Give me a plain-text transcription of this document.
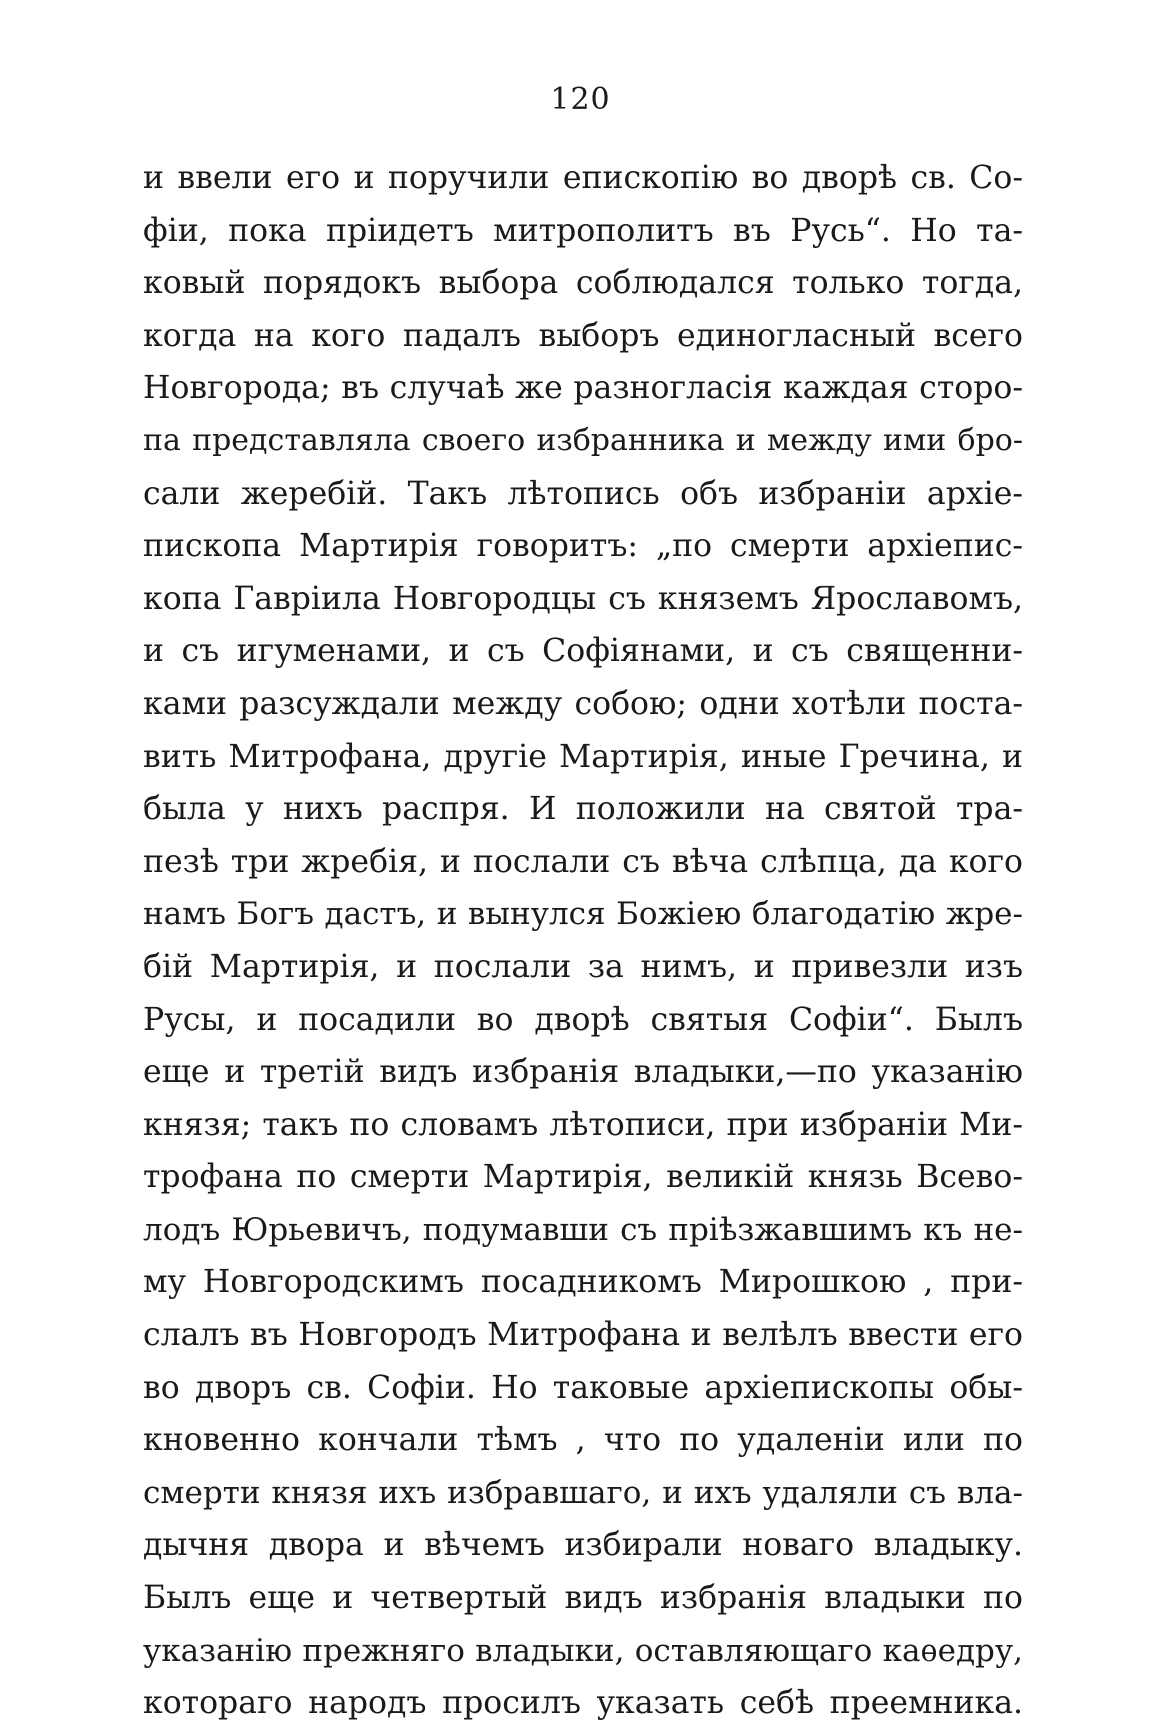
120
и ввели его и поручили епископію во дворѣ св. Со-
фіи, пока пріидетъ митрополитъ въ Русь“. Но та-
ковый порядокъ выбора соблюдался только тогда,
когда на кого падалъ выборъ единогласный всего
Новгорода; въ случаѣ же разногласія каждая сторо-
па представляла своего избранника и между ими бро-
сали жеребій. Такъ лѣтопись объ избраніи архіе-
пископа Мартирія говоритъ: „по смерти архіепис-
копа Гавріила Новгородцы съ княземъ Ярославомъ,
и съ игуменами, и съ Софіянами, и съ священни-
ками разсуждали между собою; одни хотѣли поста-
вить Митрофана, другіе Мартирія, иные Гречина, и
была у нихъ распря. И положили на святой тра-
пезѣ три жребія, и послали съ вѣча слѣпца, да кого
намъ Богъ дастъ, и вынулся Божіею благодатію жре-
бій Мартирія, и послали за нимъ, и привезли изъ
Русы, и посадили во дворѣ святыя Софіи“. Былъ
еще и третій видъ избранія владыки,—по указанію
князя; такъ по словамъ лѣтописи, при избраніи Ми-
трофана по смерти Мартирія, великій князь Всево-
лодъ Юрьевичъ, подумавши съ пріѣзжавшимъ къ не-
му Новгородскимъ посадникомъ Мирошкою , при-
слалъ въ Новгородъ Митрофана и велѣлъ ввести его
во дворъ св. Софіи. Но таковые архіепископы обы-
кновенно кончали тѣмъ , что по удаленіи или по
смерти князя ихъ избравшаго, и ихъ удаляли съ вла-
дычня двора и вѣчемъ избирали новаго владыку.
Былъ еще и четвертый видъ избранія владыки по
указанію прежняго владыки, оставляющаго каѳедру,
котораго народъ просилъ указать себѣ преемника.
